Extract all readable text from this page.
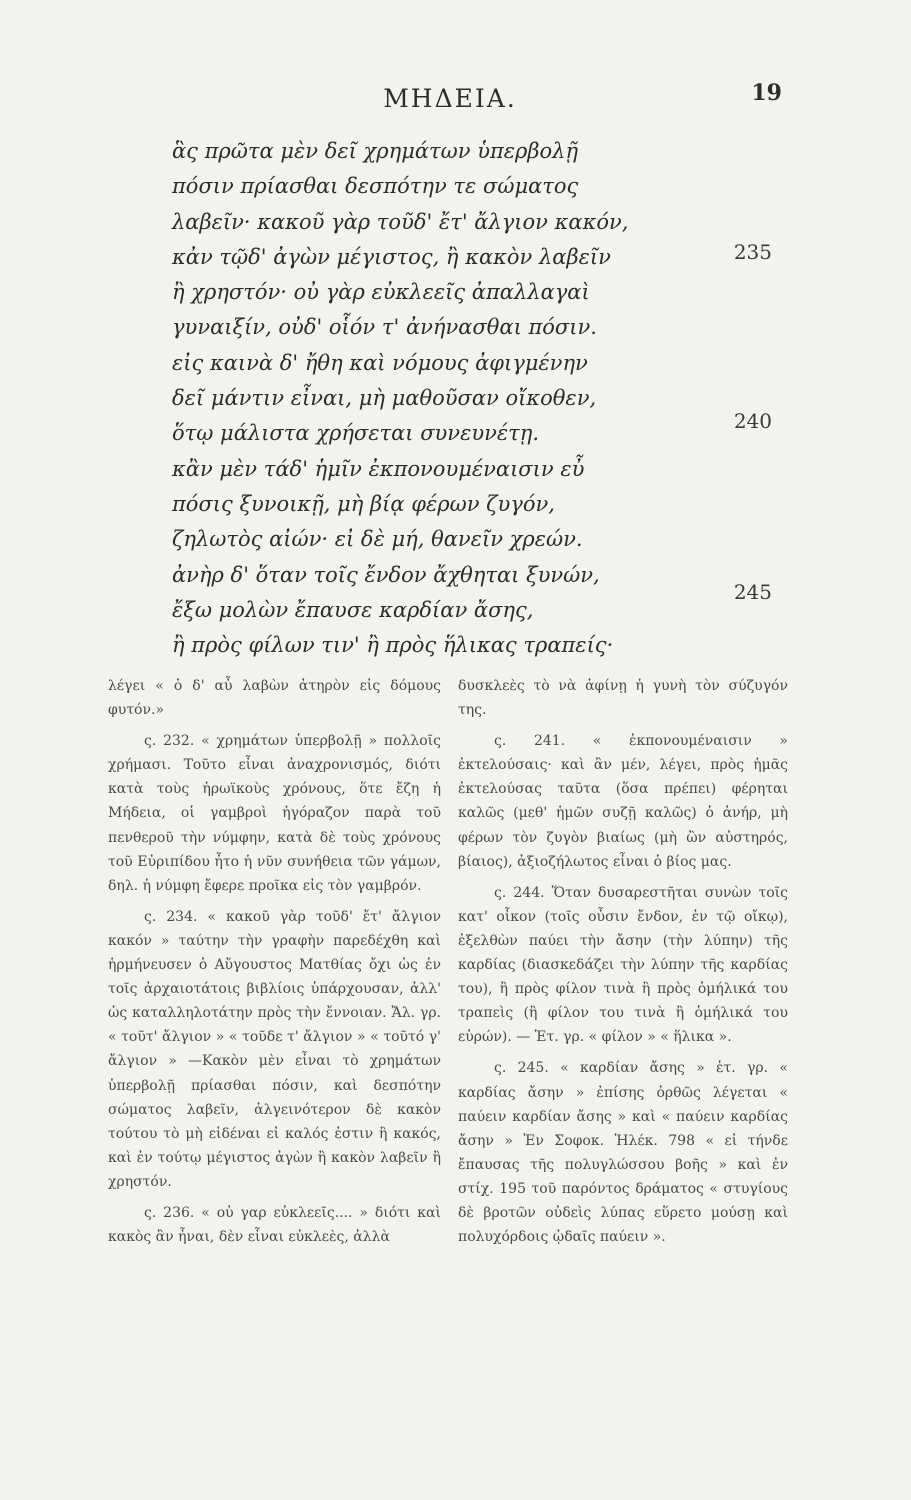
ΜΗΔΕΙΑ.	19
ἃς πρῶτα μὲν δεῖ χρημάτων ὑπερβολῇ
πόσιν πρίασθαι δεσπότην τε σώματος
λαβεῖν· κακοῦ γὰρ τοῦδ' ἔτ' ἄλγιον κακόν,
κἀν τῷδ' ἀγὼν μέγιστος, ἢ κακὸν λαβεῖν
ἢ χρηστόν· οὐ γὰρ εὐκλεεῖς ἀπαλλαγαὶ
γυναιξίν, οὐδ' οἷόν τ' ἀνήνασθαι πόσιν.
εἰς καινὰ δ' ἤθη καὶ νόμους ἀφιγμένην
δεῖ μάντιν εἶναι, μὴ μαθοῦσαν οἴκοθεν,
ὅτῳ μάλιστα χρήσεται συνευνέτῃ.
κἂν μὲν τάδ' ἡμῖν ἐκπονουμέναισιν εὖ
πόσις ξυνοικῇ, μὴ βίᾳ φέρων ζυγόν,
ζηλωτὸς αἰών· εἰ δὲ μή, θανεῖν χρεών.
ἀνὴρ δ' ὅταν τοῖς ἔνδον ἄχθηται ξυνών,
ἔξω μολὼν ἔπαυσε καρδίαν ἄσης,
ἢ πρὸς φίλων τιν' ἢ πρὸς ἥλικας τραπείς·
235
240
245

λέγει « ὁ δ' αὖ λαβὼν ἀτηρὸν εἰς δόμους φυτόν.»

ς. 232. « χρημάτων ὑπερβολῇ » πολλοῖς χρήμασι. Τοῦτο εἶναι ἀναχρονισμός, διότι κατὰ τοὺς ἡρωϊκοὺς χρόνους, ὅτε ἔζη ἡ Μήδεια, οἱ γαμβροὶ ἠγόραζον παρὰ τοῦ πενθεροῦ τὴν νύμφην, κατὰ δὲ τοὺς χρόνους τοῦ Εὐριπίδου ἦτο ἡ νῦν συνήθεια τῶν γάμων, δηλ. ἡ νύμφη ἔφερε προῖκα εἰς τὸν γαμβρόν.

ς. 234. « κακοῦ γὰρ τοῦδ' ἔτ' ἄλγιον κακόν » ταύτην τὴν γραφὴν παρεδέχθη καὶ ἡρμήνευσεν ὁ Αὔγουστος Ματθίας ὄχι ὡς ἐν τοῖς ἀρχαιοτάτοις βιβλίοις ὑπάρχουσαν, ἀλλ' ὡς καταλληλοτάτην πρὸς τὴν ἔννοιαν. Ἄλ. γρ. « τοῦτ' ἄλγιον » « τοῦδε τ' ἄλγιον » « τοῦτό γ' ἄλγιον » —Κακὸν μὲν εἶναι τὸ χρημάτων ὑπερβολῇ πρίασθαι πόσιν, καὶ δεσπότην σώματος λαβεῖν, ἀλγεινότερον δὲ κακὸν τούτου τὸ μὴ εἰδέναι εἰ καλός ἐστιν ἢ κακός, καὶ ἐν τούτῳ μέγιστος ἀγὼν ἢ κακὸν λαβεῖν ἢ χρηστόν.

ς. 236. « οὐ γαρ εὐκλεεῖς.... » διότι καὶ κακὸς ἂν ἦναι, δὲν εἶναι εὐκλεὲς, ἀλλὰ

δυσκλεὲς τὸ νὰ ἀφίνῃ ἡ γυνὴ τὸν σύζυγόν της.

ς. 241. « ἐκπονουμέναισιν » ἐκτελούσαις· καὶ ἂν μέν, λέγει, πρὸς ἡμᾶς ἐκτελούσας ταῦτα (ὅσα πρέπει) φέρηται καλῶς (μεθ' ἡμῶν συζῇ καλῶς) ὁ ἀνήρ, μὴ φέρων τὸν ζυγὸν βιαίως (μὴ ὢν αὐστηρός, βίαιος), ἀξιοζήλωτος εἶναι ὁ βίος μας.

ς. 244. Ὅταν δυσαρεστῆται συνὼν τοῖς κατ' οἶκον (τοῖς οὖσιν ἔνδον, ἐν τῷ οἴκῳ), ἐξελθὼν παύει τὴν ἄσην (τὴν λύπην) τῆς καρδίας (διασκεδάζει τὴν λύπην τῆς καρδίας του), ἢ πρὸς φίλον τινὰ ἢ πρὸς ὁμήλικά του τραπεὶς (ἢ φίλον του τινὰ ἢ ὁμήλικά του εὑρών). — Ἑτ. γρ. « φίλον » « ἥλικα ».

ς. 245. « καρδίαν ἄσης » ἑτ. γρ. « καρδίας ἄσην » ἐπίσης ὀρθῶς λέγεται « παύειν καρδίαν ἄσης » καὶ « παύειν καρδίας ἄσην » Ἐν Σοφοκ. Ἠλέκ. 798 « εἰ τήνδε ἔπαυσας τῆς πολυγλώσσου βοῆς » καὶ ἐν στίχ. 195 τοῦ παρόντος δράματος « στυγίους δὲ βροτῶν οὐδεὶς λύπας εὕρετο μούσῃ καὶ πολυχόρδοις ᾠδαῖς παύειν ».
